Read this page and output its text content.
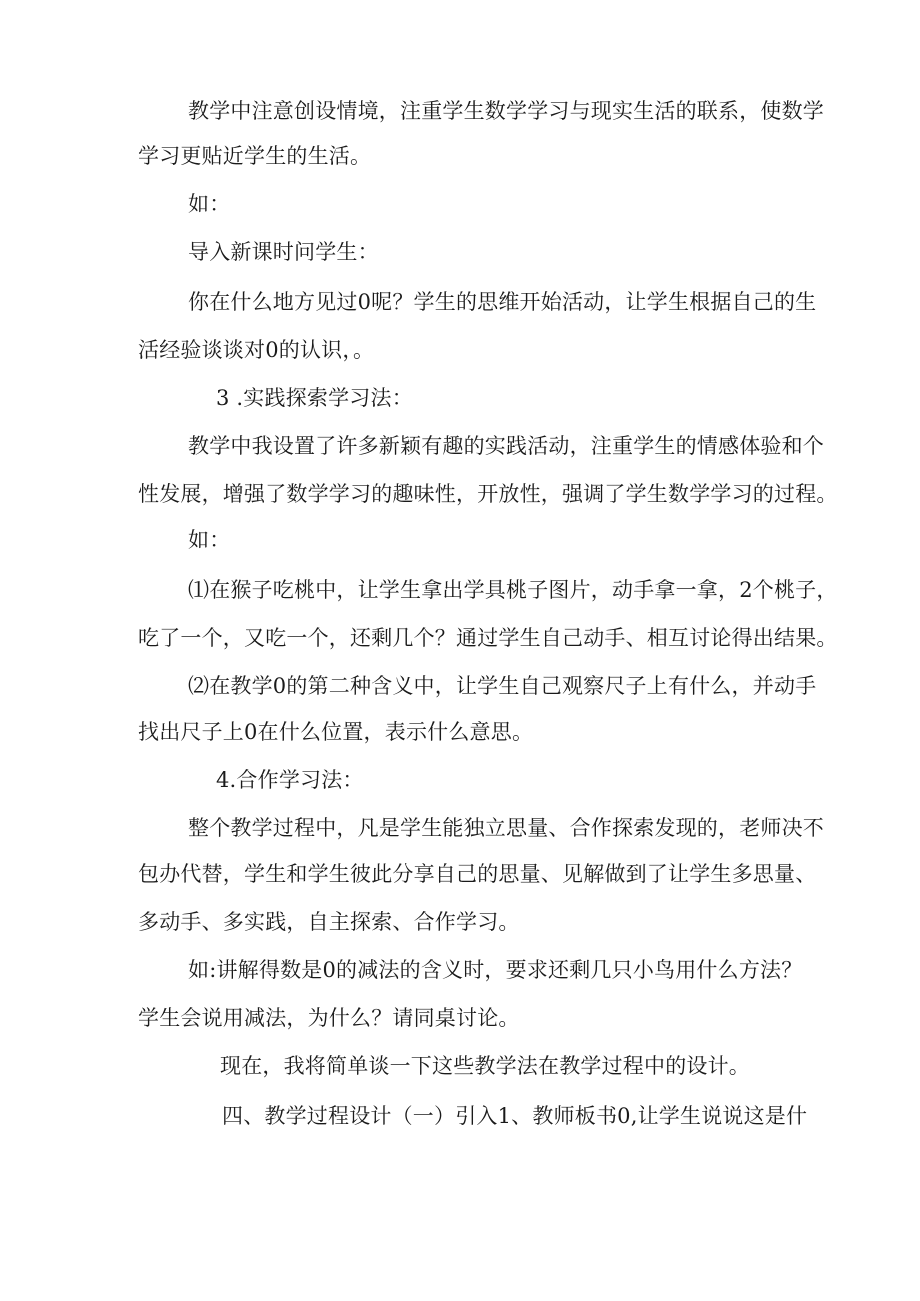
教学中注意创设情境，注重学生数学学习与现实生活的联系，使数学

学习更贴近学生的生活。

如：

导入新课时问学生：

你在什么地方见过0呢？学生的思维开始活动，让学生根据自己的生

活经验谈谈对0的认识，。

3 .实践探索学习法：

教学中我设置了许多新颖有趣的实践活动，注重学生的情感体验和个

性发展，增强了数学学习的趣味性，开放性，强调了学生数学学习的过程。

如：

⑴在猴子吃桃中，让学生拿出学具桃子图片，动手拿一拿，2个桃子，

吃了一个，又吃一个，还剩几个？通过学生自己动手、相互讨论得出结果。

⑵在教学0的第二种含义中，让学生自己观察尺子上有什么，并动手

找出尺子上0在什么位置，表示什么意思。

4.合作学习法：

整个教学过程中，凡是学生能独立思量、合作探索发现的，老师决不

包办代替，学生和学生彼此分享自己的思量、见解做到了让学生多思量、

多动手、多实践，自主探索、合作学习。

如:讲解得数是0的减法的含义时，要求还剩几只小鸟用什么方法？

学生会说用减法，为什么？请同桌讨论。

现在，我将简单谈一下这些教学法在教学过程中的设计。

四、教学过程设计（一）引入1、教师板书0,让学生说说这是什
